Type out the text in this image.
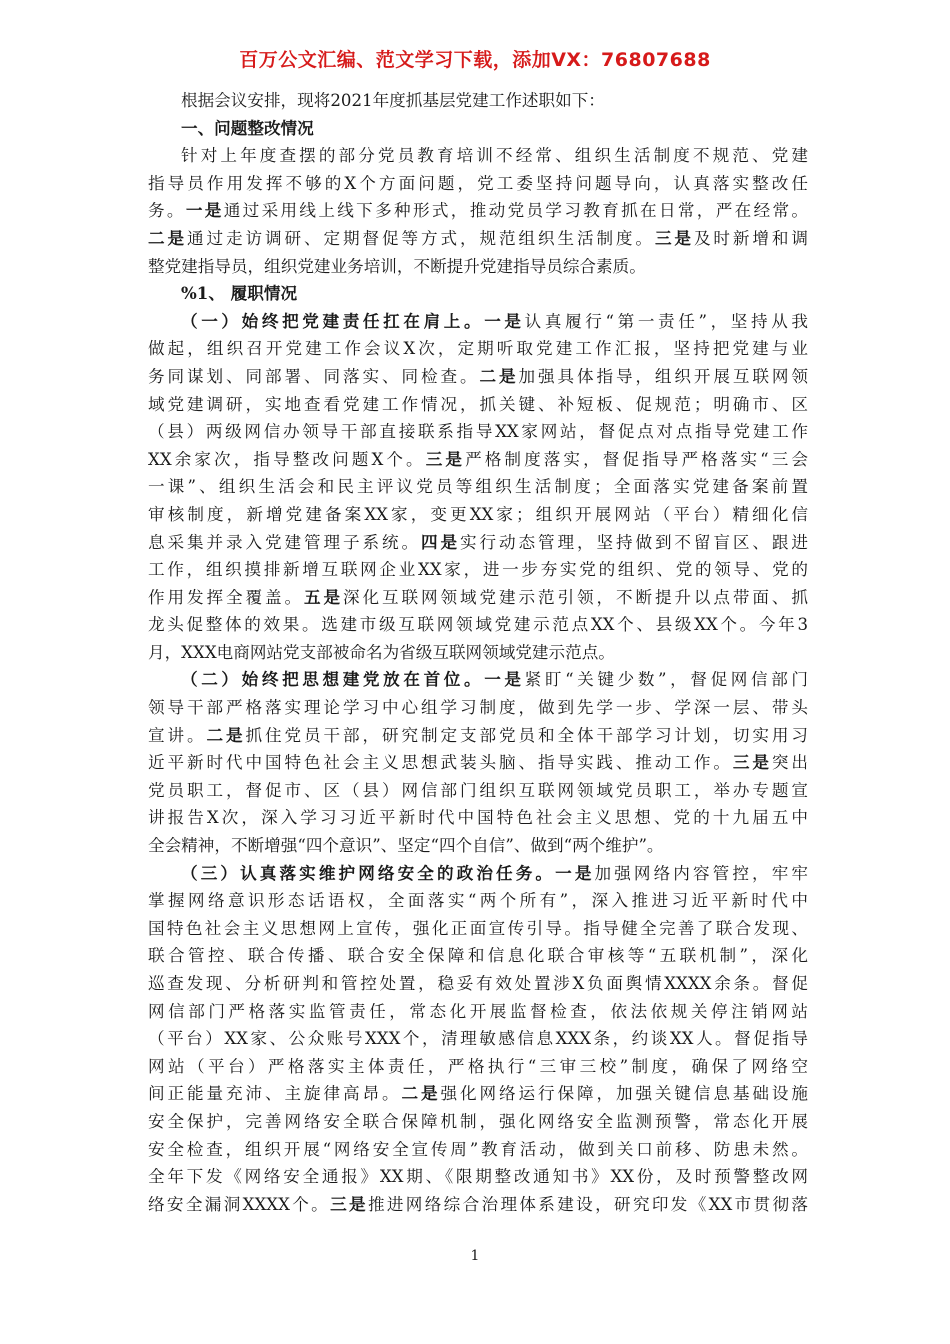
百万公文汇编、范文学习下载，添加VX：76807688
根据会议安排，现将2021年度抓基层党建工作述职如下：
一、问题整改情况
针对上年度查摆的部分党员教育培训不经常、组织生活制度不规范、党建
指导员作用发挥不够的X个方面问题，党工委坚持问题导向，认真落实整改任
务。一是通过采用线上线下多种形式，推动党员学习教育抓在日常，严在经常。
二是通过走访调研、定期督促等方式，规范组织生活制度。三是及时新增和调
整党建指导员，组织党建业务培训，不断提升党建指导员综合素质。
%1、 履职情况
（一）始终把党建责任扛在肩上。一是认真履行“第一责任”，坚持从我
做起，组织召开党建工作会议X次，定期听取党建工作汇报，坚持把党建与业
务同谋划、同部署、同落实、同检查。二是加强具体指导，组织开展互联网领
域党建调研，实地查看党建工作情况，抓关键、补短板、促规范；明确市、区
（县）两级网信办领导干部直接联系指导XX家网站，督促点对点指导党建工作
XX余家次，指导整改问题X个。三是严格制度落实，督促指导严格落实“三会
一课”、组织生活会和民主评议党员等组织生活制度；全面落实党建备案前置
审核制度，新增党建备案XX家，变更XX家；组织开展网站（平台）精细化信
息采集并录入党建管理子系统。四是实行动态管理，坚持做到不留盲区、跟进
工作，组织摸排新增互联网企业XX家，进一步夯实党的组织、党的领导、党的
作用发挥全覆盖。五是深化互联网领域党建示范引领，不断提升以点带面、抓
龙头促整体的效果。选建市级互联网领域党建示范点XX个、县级XX个。今年3
月，XXX电商网站党支部被命名为省级互联网领域党建示范点。
（二）始终把思想建党放在首位。一是紧盯“关键少数”，督促网信部门
领导干部严格落实理论学习中心组学习制度，做到先学一步、学深一层、带头
宣讲。二是抓住党员干部，研究制定支部党员和全体干部学习计划，切实用习
近平新时代中国特色社会主义思想武装头脑、指导实践、推动工作。三是突出
党员职工，督促市、区（县）网信部门组织互联网领域党员职工，举办专题宣
讲报告X次，深入学习习近平新时代中国特色社会主义思想、党的十九届五中
全会精神，不断增强“四个意识”、坚定“四个自信”、做到“两个维护”。
（三）认真落实维护网络安全的政治任务。一是加强网络内容管控，牢牢
掌握网络意识形态话语权，全面落实“两个所有”，深入推进习近平新时代中
国特色社会主义思想网上宣传，强化正面宣传引导。指导健全完善了联合发现、
联合管控、联合传播、联合安全保障和信息化联合审核等“五联机制”，深化
巡查发现、分析研判和管控处置，稳妥有效处置涉X负面舆情XXXX余条。督促
网信部门严格落实监管责任，常态化开展监督检查，依法依规关停注销网站
（平台）XX家、公众账号XXX个，清理敏感信息XXX条，约谈XX人。督促指导
网站（平台）严格落实主体责任，严格执行“三审三校”制度，确保了网络空
间正能量充沛、主旋律高昂。二是强化网络运行保障，加强关键信息基础设施
安全保护，完善网络安全联合保障机制，强化网络安全监测预警，常态化开展
安全检查，组织开展“网络安全宣传周”教育活动，做到关口前移、防患未然。
全年下发《网络安全通报》XX期、《限期整改通知书》XX份，及时预警整改网
络安全漏洞XXXX个。三是推进网络综合治理体系建设，研究印发《XX市贯彻落
1
